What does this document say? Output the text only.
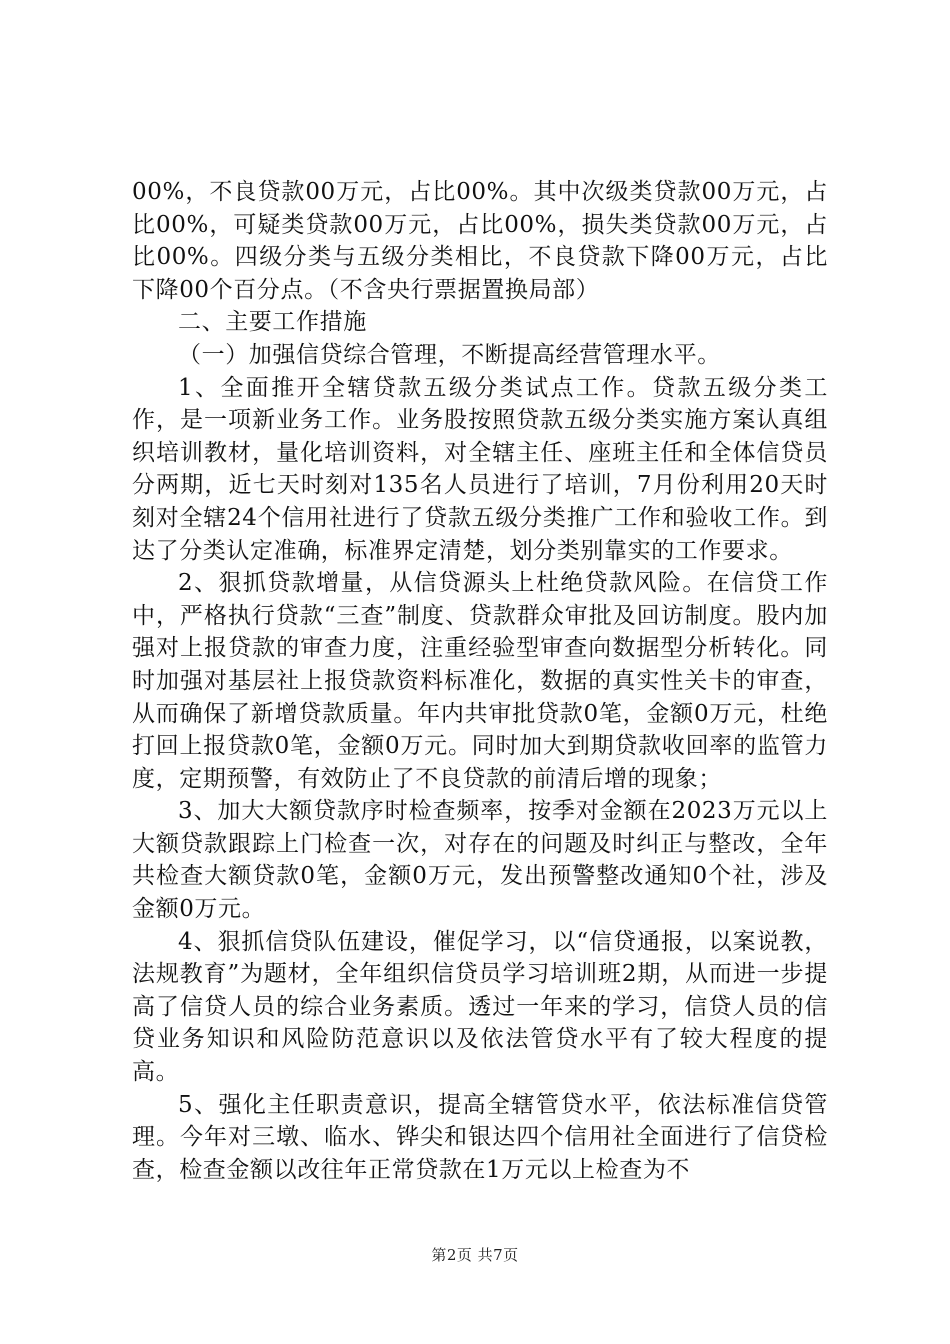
00%，不良贷款00万元，占比00%。其中次级类贷款00万元，占比00%，可疑类贷款00万元，占比00%，损失类贷款00万元，占比00%。四级分类与五级分类相比，不良贷款下降00万元，占比下降00个百分点。（不含央行票据置换局部）

二、主要工作措施

（一）加强信贷综合管理，不断提高经营管理水平。

1、全面推开全辖贷款五级分类试点工作。贷款五级分类工作，是一项新业务工作。业务股按照贷款五级分类实施方案认真组织培训教材，量化培训资料，对全辖主任、座班主任和全体信贷员分两期，近七天时刻对135名人员进行了培训，7月份利用20天时刻对全辖24个信用社进行了贷款五级分类推广工作和验收工作。到达了分类认定准确，标准界定清楚，划分类别靠实的工作要求。

2、狠抓贷款增量，从信贷源头上杜绝贷款风险。在信贷工作中，严格执行贷款“三查”制度、贷款群众审批及回访制度。股内加强对上报贷款的审查力度，注重经验型审查向数据型分析转化。同时加强对基层社上报贷款资料标准化，数据的真实性关卡的审查，从而确保了新增贷款质量。年内共审批贷款0笔，金额0万元，杜绝打回上报贷款0笔，金额0万元。同时加大到期贷款收回率的监管力度，定期预警，有效防止了不良贷款的前清后增的现象；

3、加大大额贷款序时检查频率，按季对金额在2023万元以上大额贷款跟踪上门检查一次，对存在的问题及时纠正与整改，全年共检查大额贷款0笔，金额0万元，发出预警整改通知0个社，涉及金额0万元。

4、狠抓信贷队伍建设，催促学习，以“信贷通报，以案说教，法规教育”为题材，全年组织信贷员学习培训班2期，从而进一步提高了信贷人员的综合业务素质。透过一年来的学习，信贷人员的信贷业务知识和风险防范意识以及依法管贷水平有了较大程度的提高。

5、强化主任职责意识，提高全辖管贷水平，依法标准信贷管理。今年对三墩、临水、铧尖和银达四个信用社全面进行了信贷检查，检查金额以改往年正常贷款在1万元以上检查为不

第2页 共7页
